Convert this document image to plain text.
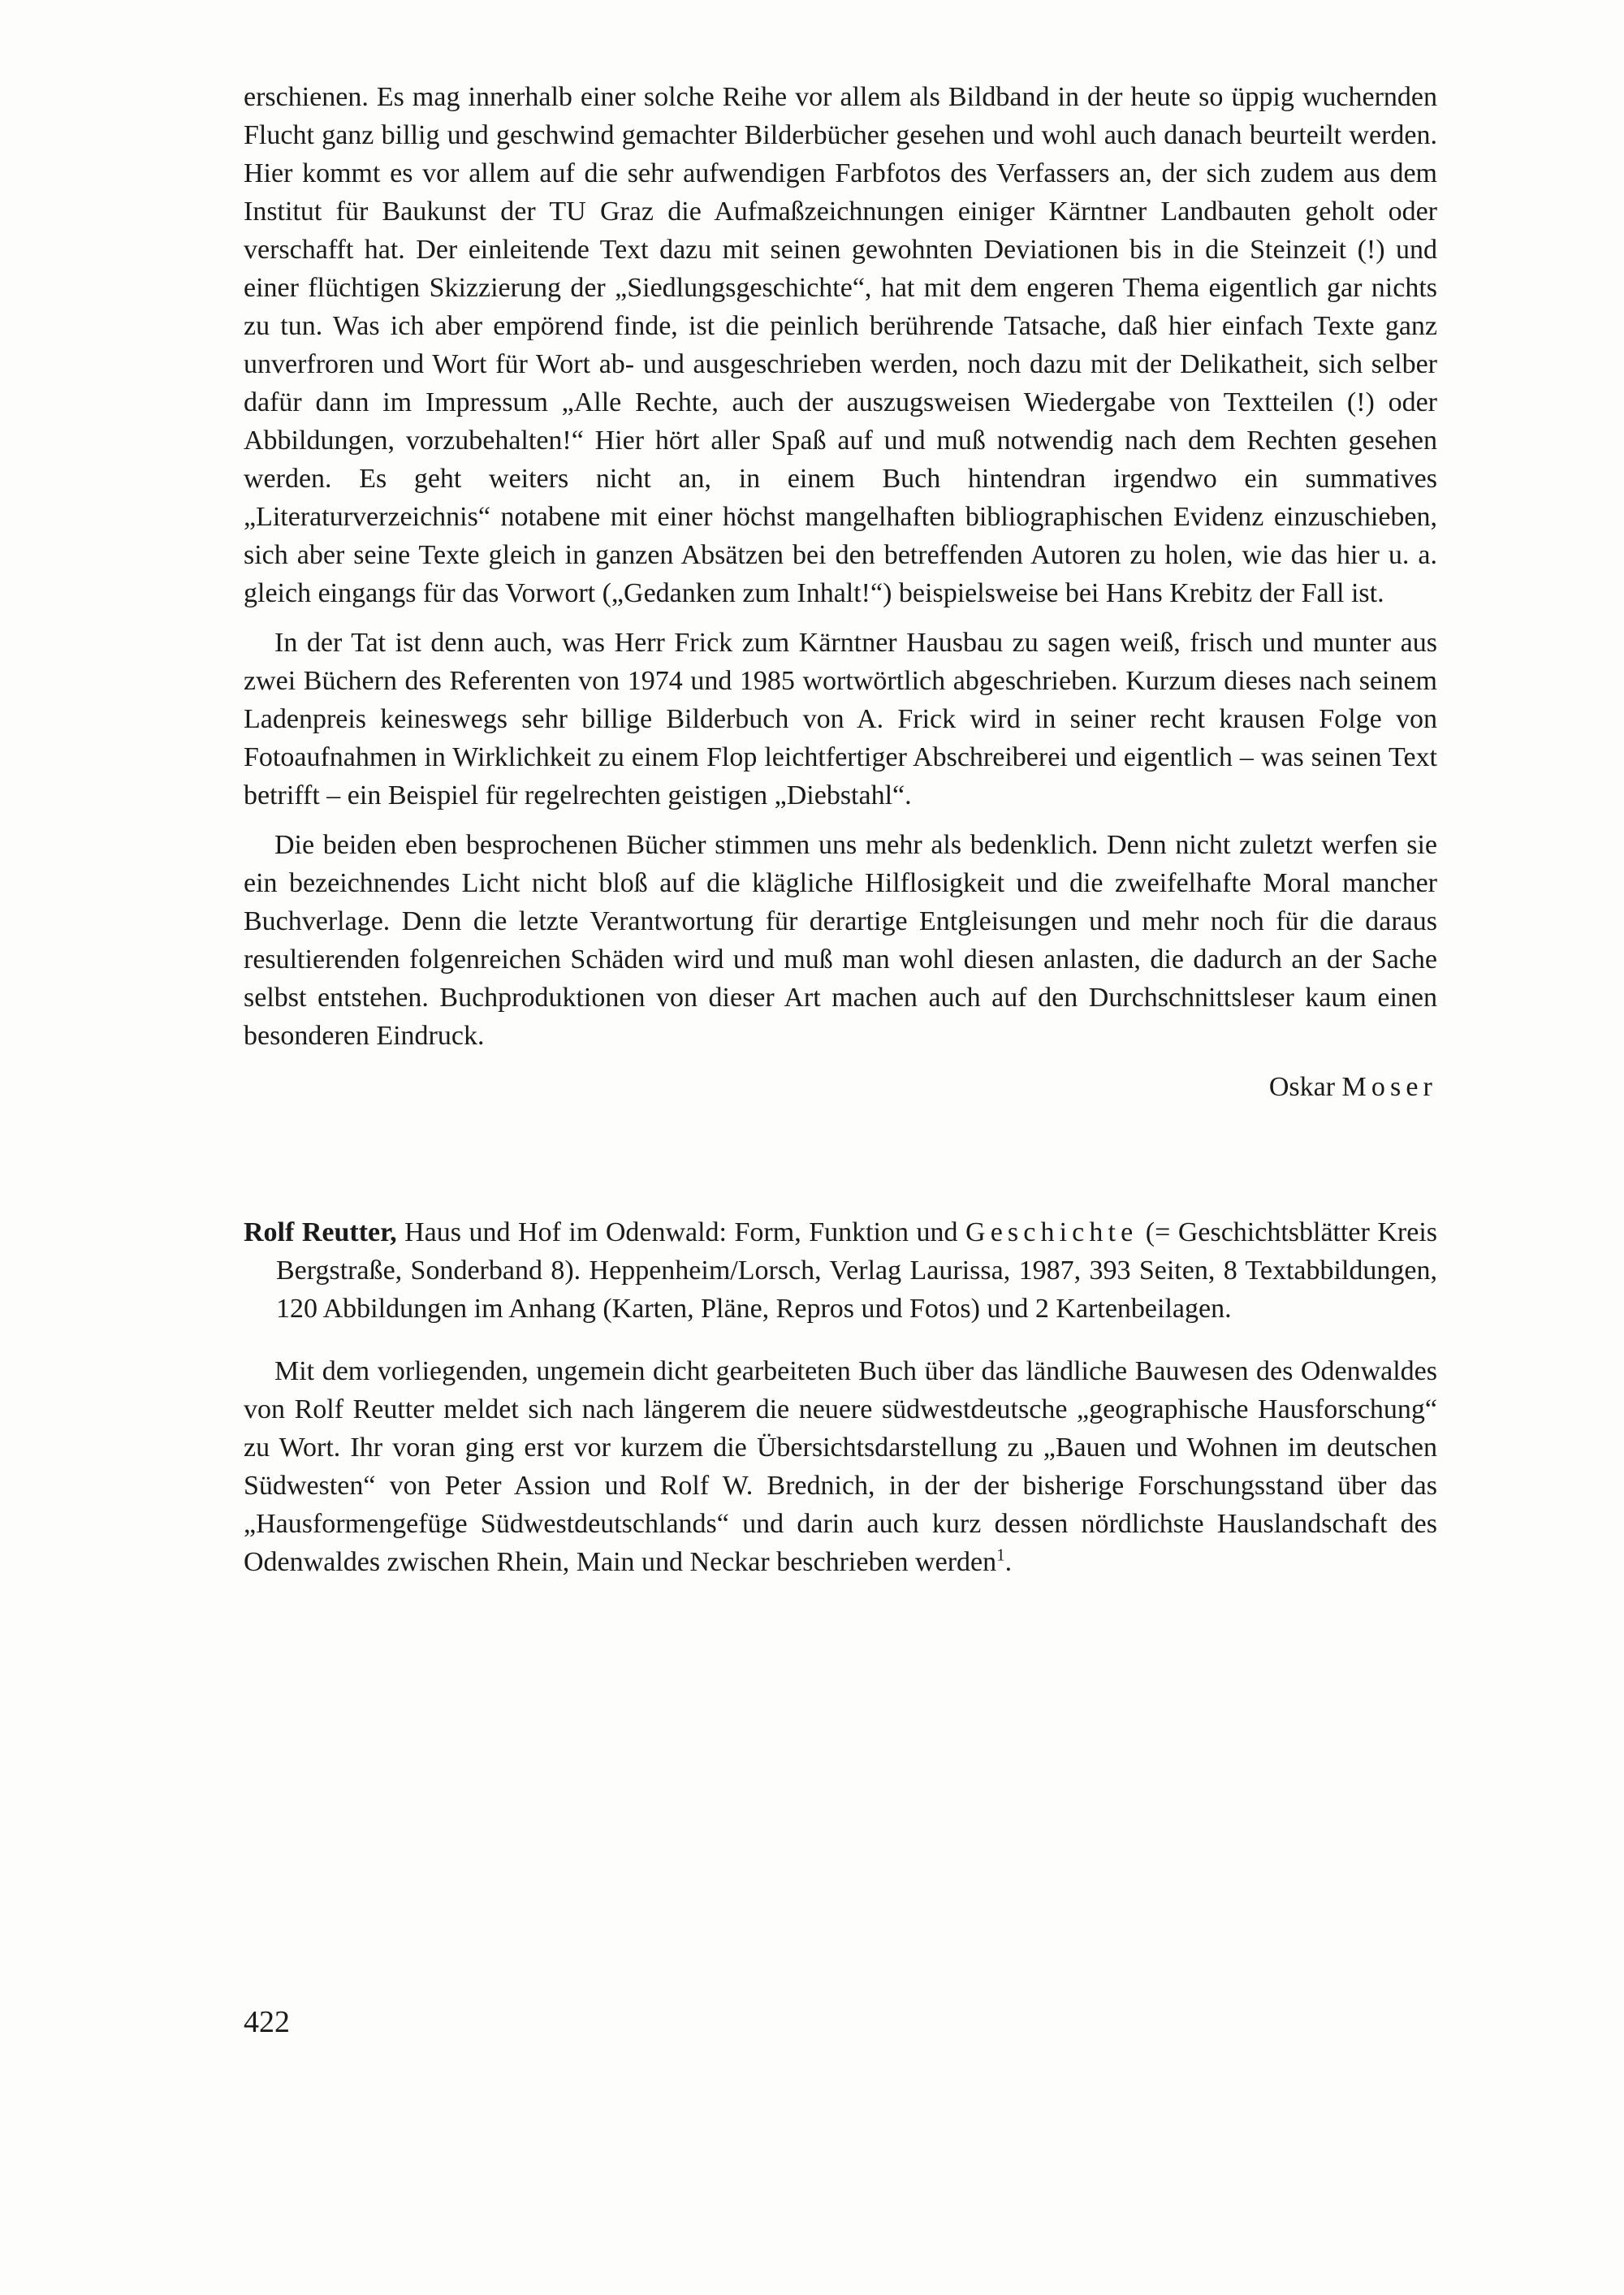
erschienen. Es mag innerhalb einer solche Reihe vor allem als Bildband in der heute so üppig wuchernden Flucht ganz billig und geschwind gemachter Bilderbücher gesehen und wohl auch danach beurteilt werden. Hier kommt es vor allem auf die sehr aufwendigen Farbfotos des Verfassers an, der sich zudem aus dem Institut für Baukunst der TU Graz die Aufmaßzeichnungen einiger Kärntner Landbauten geholt oder verschafft hat. Der einleitende Text dazu mit seinen gewohnten Deviationen bis in die Steinzeit (!) und einer flüchtigen Skizzierung der „Siedlungsgeschichte“, hat mit dem engeren Thema eigentlich gar nichts zu tun. Was ich aber empörend finde, ist die peinlich berührende Tatsache, daß hier einfach Texte ganz unverfroren und Wort für Wort ab- und ausgeschrieben werden, noch dazu mit der Delikatheit, sich selber dafür dann im Impressum „Alle Rechte, auch der auszugsweisen Wiedergabe von Textteilen (!) oder Abbildungen, vorzubehalten!“ Hier hört aller Spaß auf und muß notwendig nach dem Rechten gesehen werden. Es geht weiters nicht an, in einem Buch hintendran irgendwo ein summatives „Literaturverzeichnis“ notabene mit einer höchst mangelhaften bibliographischen Evidenz einzuschieben, sich aber seine Texte gleich in ganzen Absätzen bei den betreffenden Autoren zu holen, wie das hier u. a. gleich eingangs für das Vorwort („Gedanken zum Inhalt!“) beispielsweise bei Hans Krebitz der Fall ist.

In der Tat ist denn auch, was Herr Frick zum Kärntner Hausbau zu sagen weiß, frisch und munter aus zwei Büchern des Referenten von 1974 und 1985 wortwörtlich abgeschrieben. Kurzum dieses nach seinem Ladenpreis keineswegs sehr billige Bilderbuch von A. Frick wird in seiner recht krausen Folge von Fotoaufnahmen in Wirklichkeit zu einem Flop leichtfertiger Abschreiberei und eigentlich – was seinen Text betrifft – ein Beispiel für regelrechten geistigen „Diebstahl“.

Die beiden eben besprochenen Bücher stimmen uns mehr als bedenklich. Denn nicht zuletzt werfen sie ein bezeichnendes Licht nicht bloß auf die klägliche Hilflosigkeit und die zweifelhafte Moral mancher Buchverlage. Denn die letzte Verantwortung für derartige Entgleisungen und mehr noch für die daraus resultierenden folgenreichen Schäden wird und muß man wohl diesen anlasten, die dadurch an der Sache selbst entstehen. Buchproduktionen von dieser Art machen auch auf den Durchschnittsleser kaum einen besonderen Eindruck.

Oskar Moser

Rolf Reutter, Haus und Hof im Odenwald: Form, Funktion und Geschichte (= Geschichtsblätter Kreis Bergstraße, Sonderband 8). Heppenheim/Lorsch, Verlag Laurissa, 1987, 393 Seiten, 8 Textabbildungen, 120 Abbildungen im Anhang (Karten, Pläne, Repros und Fotos) und 2 Kartenbeilagen.

Mit dem vorliegenden, ungemein dicht gearbeiteten Buch über das ländliche Bauwesen des Odenwaldes von Rolf Reutter meldet sich nach längerem die neuere südwestdeutsche „geographische Hausforschung“ zu Wort. Ihr voran ging erst vor kurzem die Übersichtsdarstellung zu „Bauen und Wohnen im deutschen Südwesten“ von Peter Assion und Rolf W. Brednich, in der der bisherige Forschungsstand über das „Hausformengefüge Südwestdeutschlands“ und darin auch kurz dessen nördlichste Hauslandschaft des Odenwaldes zwischen Rhein, Main und Neckar beschrieben werden$^1$.

422
